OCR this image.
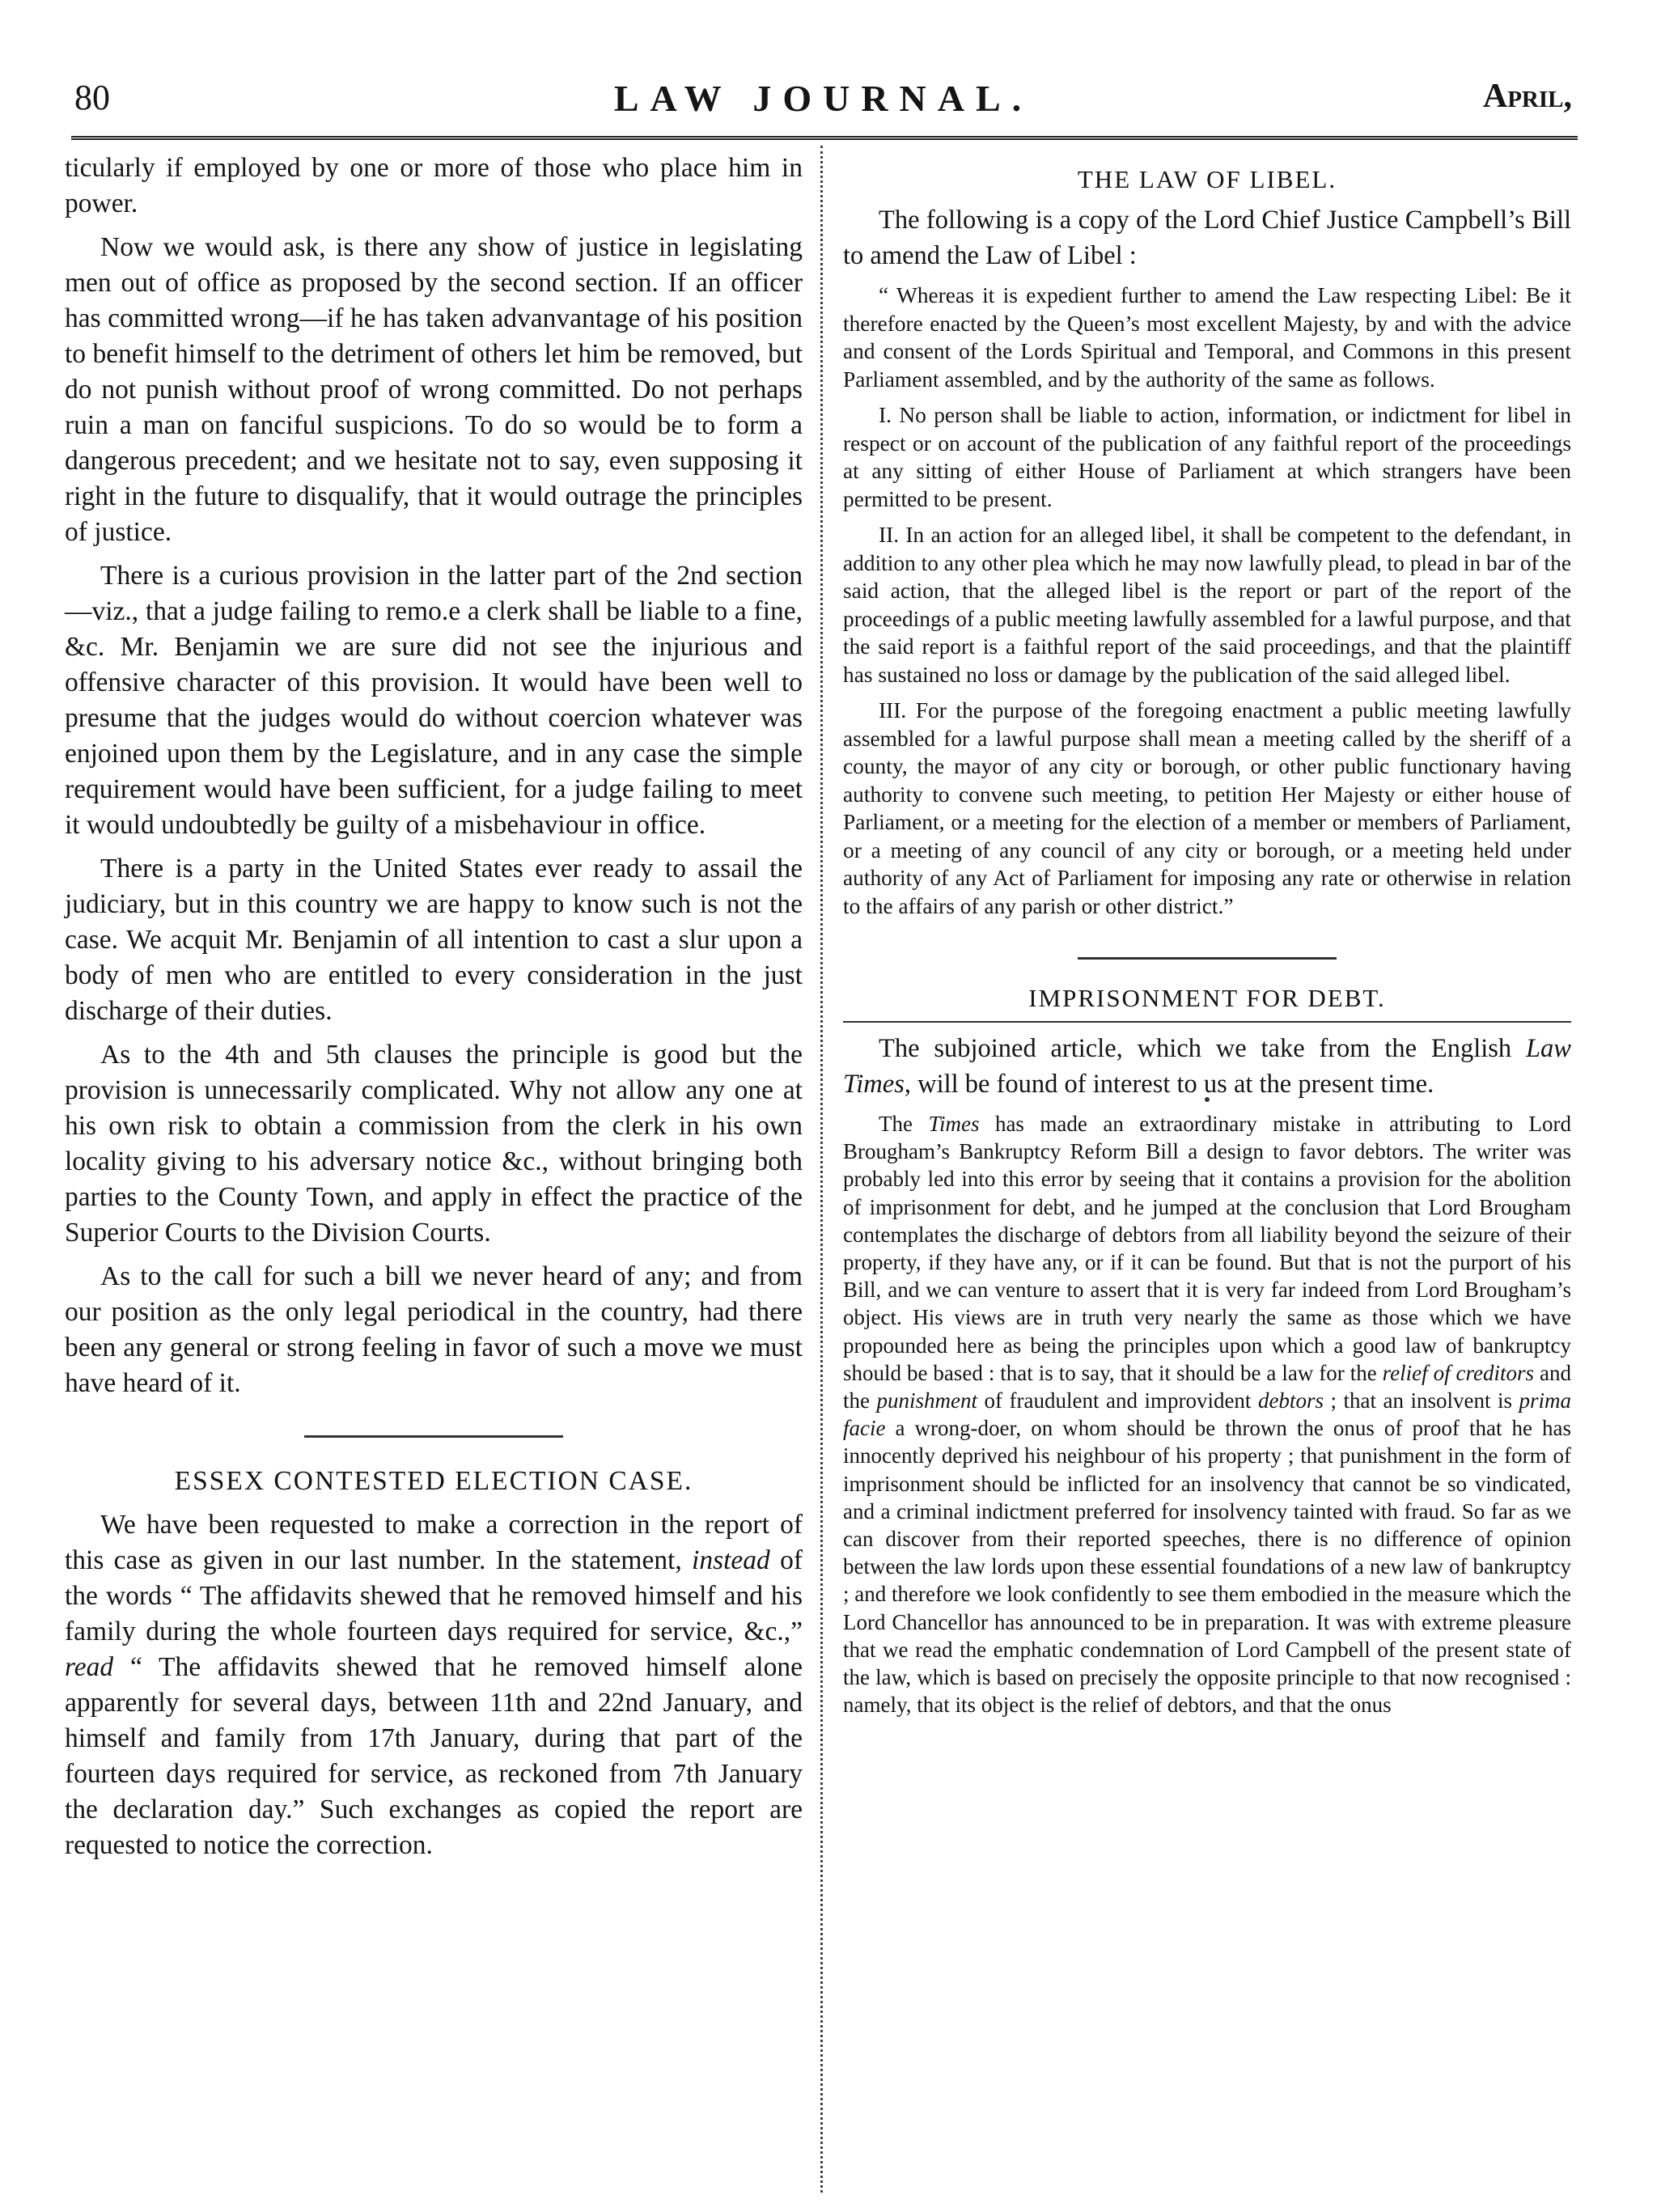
80	LAW JOURNAL.	April,

ticularly if employed by one or more of those who place him in power.

Now we would ask, is there any show of justice in legislating men out of office as proposed by the second section. If an officer has committed wrong—if he has taken advanvantage of his position to benefit himself to the detriment of others let him be removed, but do not punish without proof of wrong committed. Do not perhaps ruin a man on fanciful suspicions. To do so would be to form a dangerous precedent; and we hesitate not to say, even supposing it right in the future to disqualify, that it would outrage the principles of justice.

There is a curious provision in the latter part of the 2nd section—viz., that a judge failing to remo.e a clerk shall be liable to a fine, &c. Mr. Benjamin we are sure did not see the injurious and offensive character of this provision. It would have been well to presume that the judges would do without coercion whatever was enjoined upon them by the Legislature, and in any case the simple requirement would have been sufficient, for a judge failing to meet it would undoubtedly be guilty of a misbehaviour in office.

There is a party in the United States ever ready to assail the judiciary, but in this country we are happy to know such is not the case. We acquit Mr. Benjamin of all intention to cast a slur upon a body of men who are entitled to every consideration in the just discharge of their duties.

As to the 4th and 5th clauses the principle is good but the provision is unnecessarily complicated. Why not allow any one at his own risk to obtain a commission from the clerk in his own locality giving to his adversary notice &c., without bringing both parties to the County Town, and apply in effect the practice of the Superior Courts to the Division Courts.

As to the call for such a bill we never heard of any; and from our position as the only legal periodical in the country, had there been any general or strong feeling in favor of such a move we must have heard of it.

ESSEX CONTESTED ELECTION CASE.

We have been requested to make a correction in the report of this case as given in our last number. In the statement, instead of the words “ The affidavits shewed that he removed himself and his family during the whole fourteen days required for service, &c.,” read “ The affidavits shewed that he removed himself alone apparently for several days, between 11th and 22nd January, and himself and family from 17th January, during that part of the fourteen days required for service, as reckoned from 7th January the declaration day.” Such exchanges as copied the report are requested to notice the correction.

THE LAW OF LIBEL.

The following is a copy of the Lord Chief Justice Campbell’s Bill to amend the Law of Libel :

“ Whereas it is expedient further to amend the Law respecting Libel: Be it therefore enacted by the Queen’s most excellent Majesty, by and with the advice and consent of the Lords Spiritual and Temporal, and Commons in this present Parliament assembled, and by the authority of the same as follows.

I. No person shall be liable to action, information, or indictment for libel in respect or on account of the publication of any faithful report of the proceedings at any sitting of either House of Parliament at which strangers have been permitted to be present.

II. In an action for an alleged libel, it shall be competent to the defendant, in addition to any other plea which he may now lawfully plead, to plead in bar of the said action, that the alleged libel is the report or part of the report of the proceedings of a public meeting lawfully assembled for a lawful purpose, and that the said report is a faithful report of the said proceedings, and that the plaintiff has sustained no loss or damage by the publication of the said alleged libel.

III. For the purpose of the foregoing enactment a public meeting lawfully assembled for a lawful purpose shall mean a meeting called by the sheriff of a county, the mayor of any city or borough, or other public functionary having authority to convene such meeting, to petition Her Majesty or either house of Parliament, or a meeting for the election of a member or members of Parliament, or a meeting of any council of any city or borough, or a meeting held under authority of any Act of Parliament for imposing any rate or otherwise in relation to the affairs of any parish or other district.”

IMPRISONMENT FOR DEBT.

The subjoined article, which we take from the English Law Times, will be found of interest to us at the present time.

The Times has made an extraordinary mistake in attributing to Lord Brougham’s Bankruptcy Reform Bill a design to favor debtors. The writer was probably led into this error by seeing that it contains a provision for the abolition of imprisonment for debt, and he jumped at the conclusion that Lord Brougham contemplates the discharge of debtors from all liability beyond the seizure of their property, if they have any, or if it can be found. But that is not the purport of his Bill, and we can venture to assert that it is very far indeed from Lord Brougham’s object. His views are in truth very nearly the same as those which we have propounded here as being the principles upon which a good law of bankruptcy should be based : that is to say, that it should be a law for the relief of creditors and the punishment of fraudulent and improvident debtors ; that an insolvent is prima facie a wrong-doer, on whom should be thrown the onus of proof that he has innocently deprived his neighbour of his property ; that punishment in the form of imprisonment should be inflicted for an insolvency that cannot be so vindicated, and a criminal indictment preferred for insolvency tainted with fraud. So far as we can discover from their reported speeches, there is no difference of opinion between the law lords upon these essential foundations of a new law of bankruptcy ; and therefore we look confidently to see them embodied in the measure which the Lord Chancellor has announced to be in preparation. It was with extreme pleasure that we read the emphatic condemnation of Lord Campbell of the present state of the law, which is based on precisely the opposite principle to that now recognised : namely, that its object is the relief of debtors, and that the onus
